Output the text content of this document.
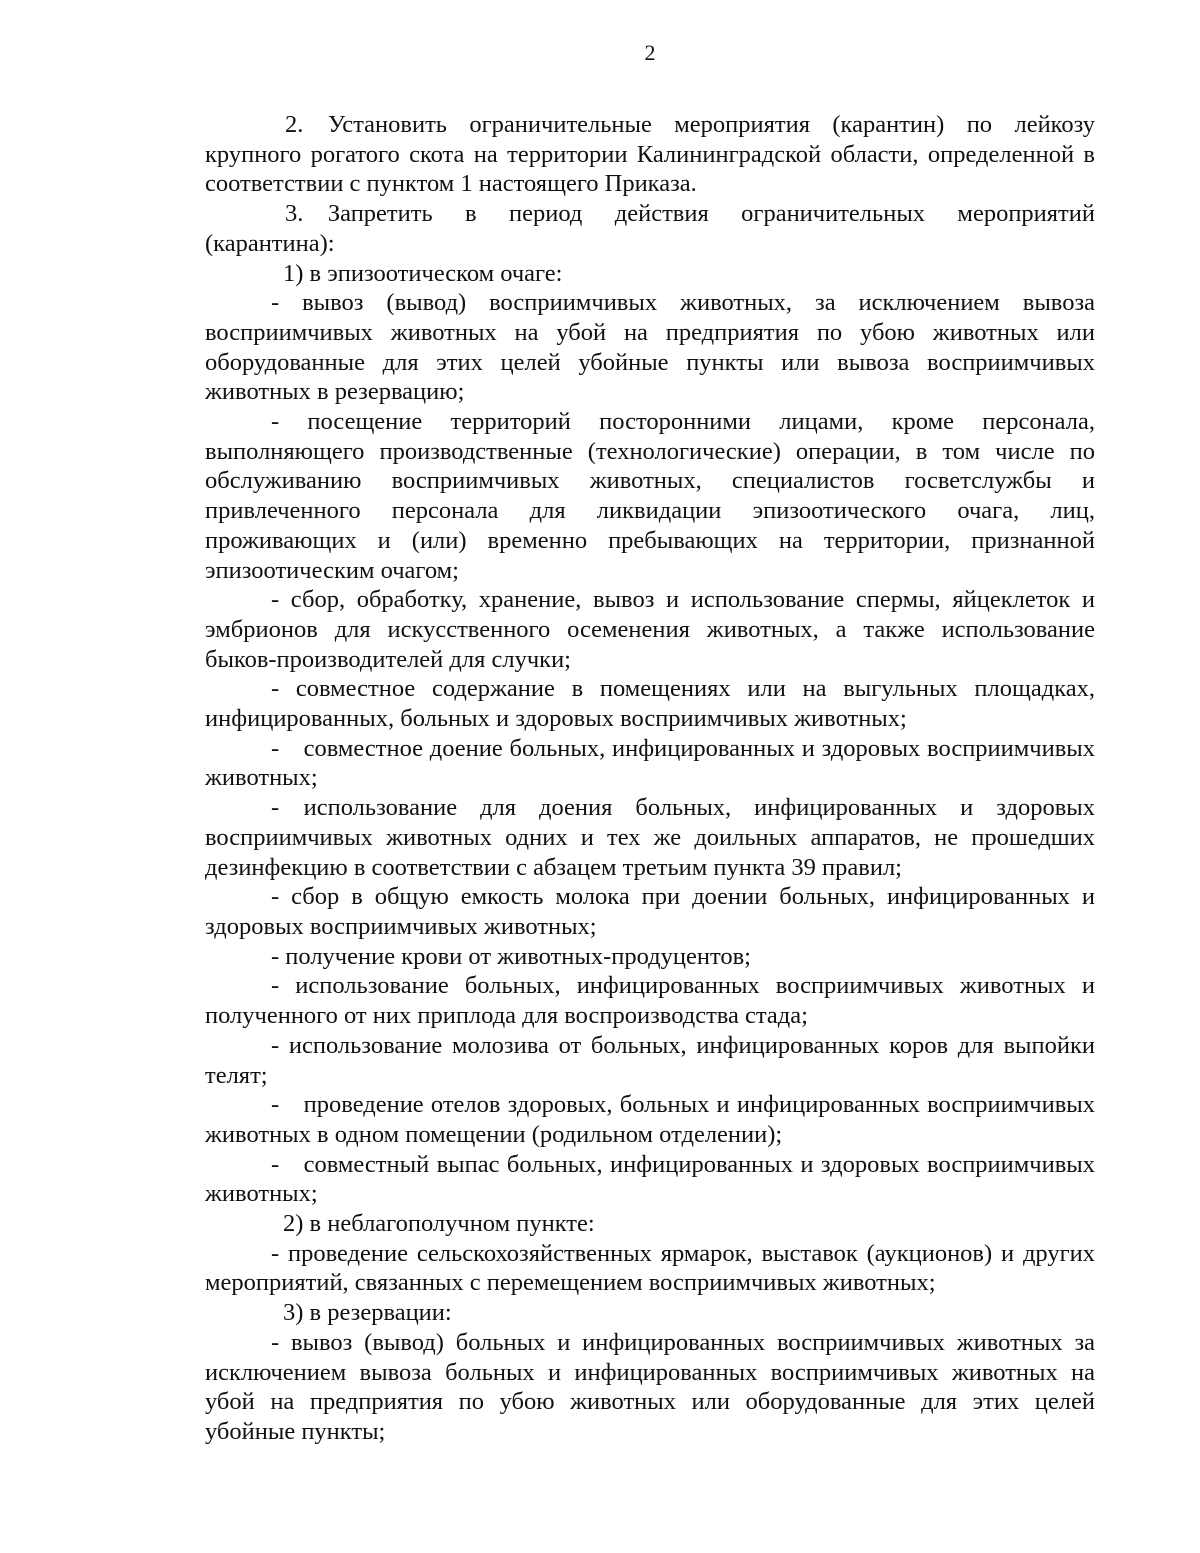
2

2. Установить ограничительные мероприятия (карантин) по лейкозу крупного рогатого скота на территории Калининградской области, определенной в соответствии с пунктом 1 настоящего Приказа.

3. Запретить в период действия ограничительных мероприятий (карантина):

1) в эпизоотическом очаге:

- вывоз (вывод) восприимчивых животных, за исключением вывоза восприимчивых животных на убой на предприятия по убою животных или оборудованные для этих целей убойные пункты или вывоза восприимчивых животных в резервацию;

- посещение территорий посторонними лицами, кроме персонала, выполняющего производственные (технологические) операции, в том числе по обслуживанию восприимчивых животных, специалистов госветслужбы и привлеченного персонала для ликвидации эпизоотического очага, лиц, проживающих и (или) временно пребывающих на территории, признанной эпизоотическим очагом;

- сбор, обработку, хранение, вывоз и использование спермы, яйцеклеток и эмбрионов для искусственного осеменения животных, а также использование быков-производителей для случки;

- совместное содержание в помещениях или на выгульных площадках, инфицированных, больных и здоровых восприимчивых животных;

- совместное доение больных, инфицированных и здоровых восприимчивых животных;

- использование для доения больных, инфицированных и здоровых восприимчивых животных одних и тех же доильных аппаратов, не прошедших дезинфекцию в соответствии с абзацем третьим пункта 39 правил;

- сбор в общую емкость молока при доении больных, инфицированных и здоровых восприимчивых животных;

- получение крови от животных-продуцентов;

- использование больных, инфицированных восприимчивых животных и полученного от них приплода для воспроизводства стада;

- использование молозива от больных, инфицированных коров для выпойки телят;

- проведение отелов здоровых, больных и инфицированных восприимчивых животных в одном помещении (родильном отделении);

- совместный выпас больных, инфицированных и здоровых восприимчивых животных;

2) в неблагополучном пункте:

- проведение сельскохозяйственных ярмарок, выставок (аукционов) и других мероприятий, связанных с перемещением восприимчивых животных;

3) в резервации:

- вывоз (вывод) больных и инфицированных восприимчивых животных за исключением вывоза больных и инфицированных восприимчивых животных на убой на предприятия по убою животных или оборудованные для этих целей убойные пункты;
